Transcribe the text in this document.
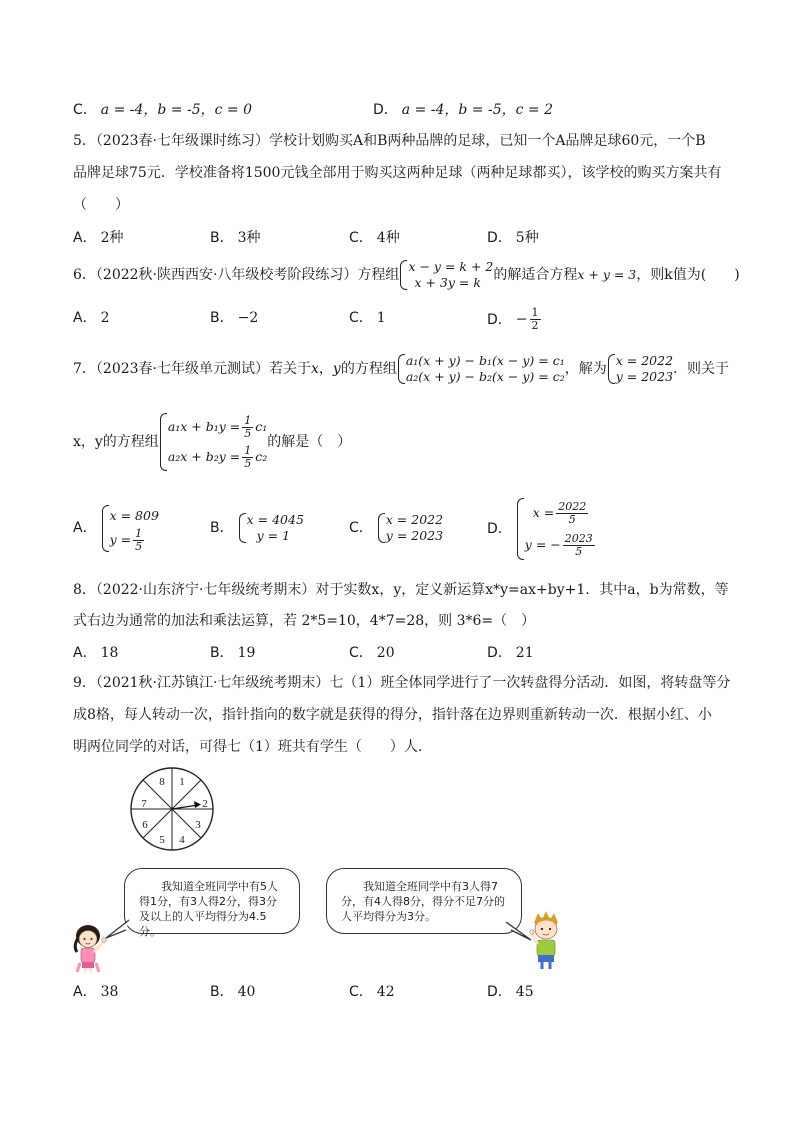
C． a = -4，b = -5，c = 0	D． a = -4，b = -5，c = 2
5．（2023春·七年级课时练习）学校计划购买A和B两种品牌的足球，已知一个A品牌足球60元，一个B
品牌足球75元．学校准备将1500元钱全部用于购买这两种足球（两种足球都买），该学校的购买方案共有
（　　）
A． 2种	B． 3种	C． 4种	D． 5种
6．（2022秋·陕西西安·八年级校考阶段练习）方程组
x − y = k + 2
x + 3y = k 的解适合方程x + y = 3，则k值为(　　)
A． 2	B． −2	C． 1	D． − $\frac{1}{2}$
7．（2023春·七年级单元测试）若关于x，y的方程组
a₁(x + y) − b₁(x − y) = c₁
a₂(x + y) − b₂(x − y) = c₂ ，解为
x = 2022
y = 2023 ．则关于
x，y的方程组
$a_1x + b_1y = \frac{1}{5} c_1$
$a_2x + b_2y = \frac{1}{5} c_2$
的解是（　）
A．
x = 809
$y = \frac{1}{5}$	B．
x = 4045
y = 1	C．
x = 2022
y = 2023	D．
$x = \frac{2022}{5}$
y = − $\frac{2023}{5}$
8．（2022·山东济宁·七年级统考期末）对于实数x，y，定义新运算x*y=ax+by+1．其中a，b为常数，等
式右边为通常的加法和乘法运算，若 2*5=10，4*7=28，则 3*6=（　）
A． 18	B． 19	C． 20	D． 21
9．（2021秋·江苏镇江·七年级统考期末）七（1）班全体同学进行了一次转盘得分活动．如图，将转盘等分
成8格，每人转动一次，指针指向的数字就是获得的得分，指针落在边界则重新转动一次．根据小红、小
明两位同学的对话，可得七（1）班共有学生（　　）人．
1
2
3
4
5
6
7
8

我知道全班同学中有5人得1分，有3人得2分，得3分及以上的人平均得分为4.5分。

我知道全班同学中有3人得7分，有4人得8分，得分不足7分的人平均得分为3分。

A． 38	B． 40	C． 42	D． 45
